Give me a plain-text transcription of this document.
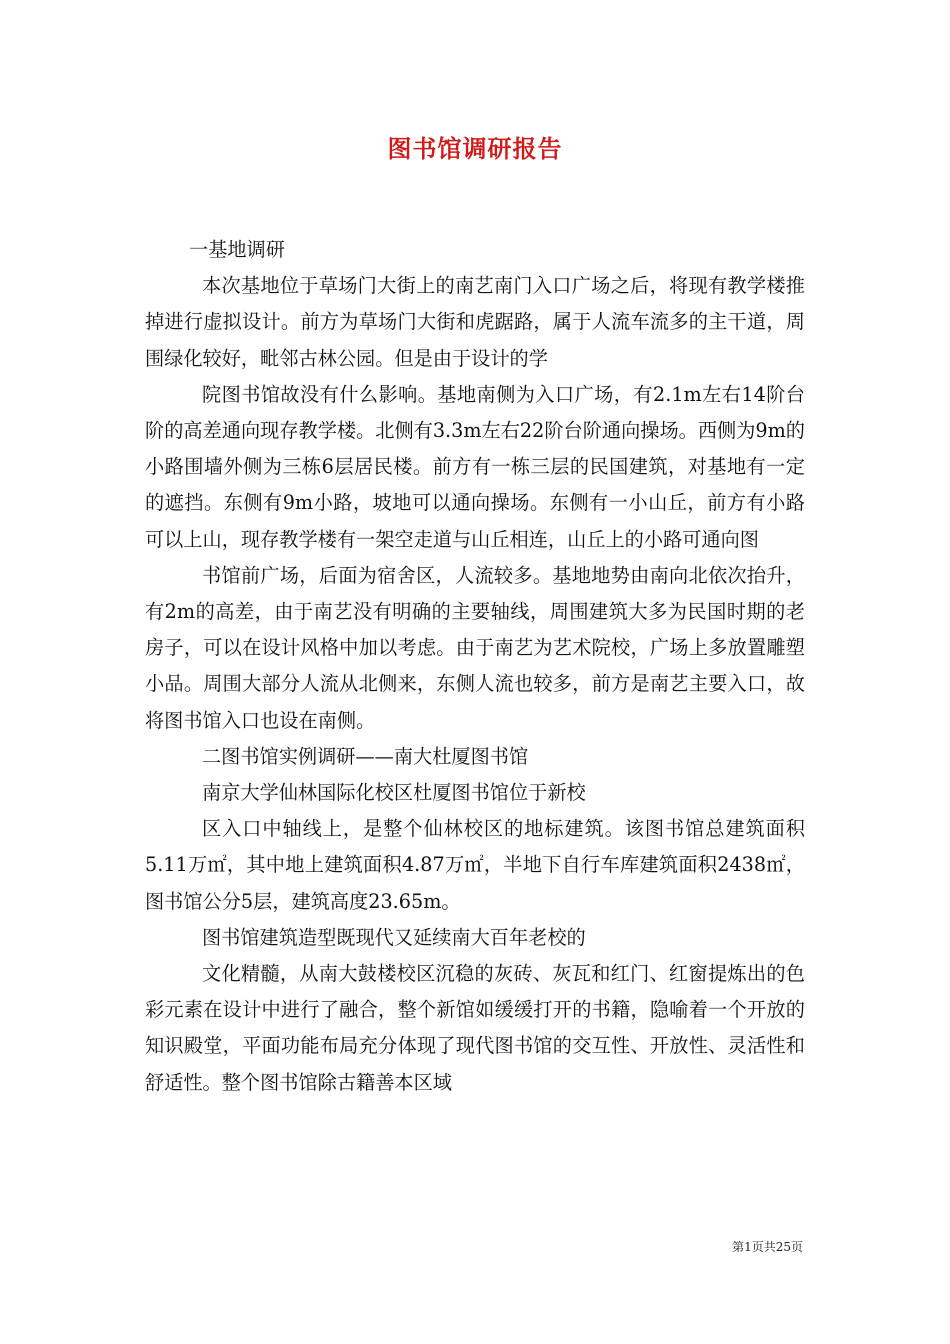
图书馆调研报告

一基地调研

本次基地位于草场门大街上的南艺南门入口广场之后，将现有教学楼推掉进行虚拟设计。前方为草场门大街和虎踞路，属于人流车流多的主干道，周围绿化较好，毗邻古林公园。但是由于设计的学

院图书馆故没有什么影响。基地南侧为入口广场，有2.1m左右14阶台阶的高差通向现存教学楼。北侧有3.3m左右22阶台阶通向操场。西侧为9m的小路围墙外侧为三栋6层居民楼。前方有一栋三层的民国建筑，对基地有一定的遮挡。东侧有9m小路，坡地可以通向操场。东侧有一小山丘，前方有小路可以上山，现存教学楼有一架空走道与山丘相连，山丘上的小路可通向图

书馆前广场，后面为宿舍区，人流较多。基地地势由南向北依次抬升，有2m的高差，由于南艺没有明确的主要轴线，周围建筑大多为民国时期的老房子，可以在设计风格中加以考虑。由于南艺为艺术院校，广场上多放置雕塑小品。周围大部分人流从北侧来，东侧人流也较多，前方是南艺主要入口，故将图书馆入口也设在南侧。

二图书馆实例调研——南大杜厦图书馆

南京大学仙林国际化校区杜厦图书馆位于新校

区入口中轴线上，是整个仙林校区的地标建筑。该图书馆总建筑面积5.11万㎡，其中地上建筑面积4.87万㎡，半地下自行车库建筑面积2438㎡，图书馆公分5层，建筑高度23.65m。

图书馆建筑造型既现代又延续南大百年老校的

文化精髓，从南大鼓楼校区沉稳的灰砖、灰瓦和红门、红窗提炼出的色彩元素在设计中进行了融合，整个新馆如缓缓打开的书籍，隐喻着一个开放的知识殿堂，平面功能布局充分体现了现代图书馆的交互性、开放性、灵活性和舒适性。整个图书馆除古籍善本区域

第1页共25页
